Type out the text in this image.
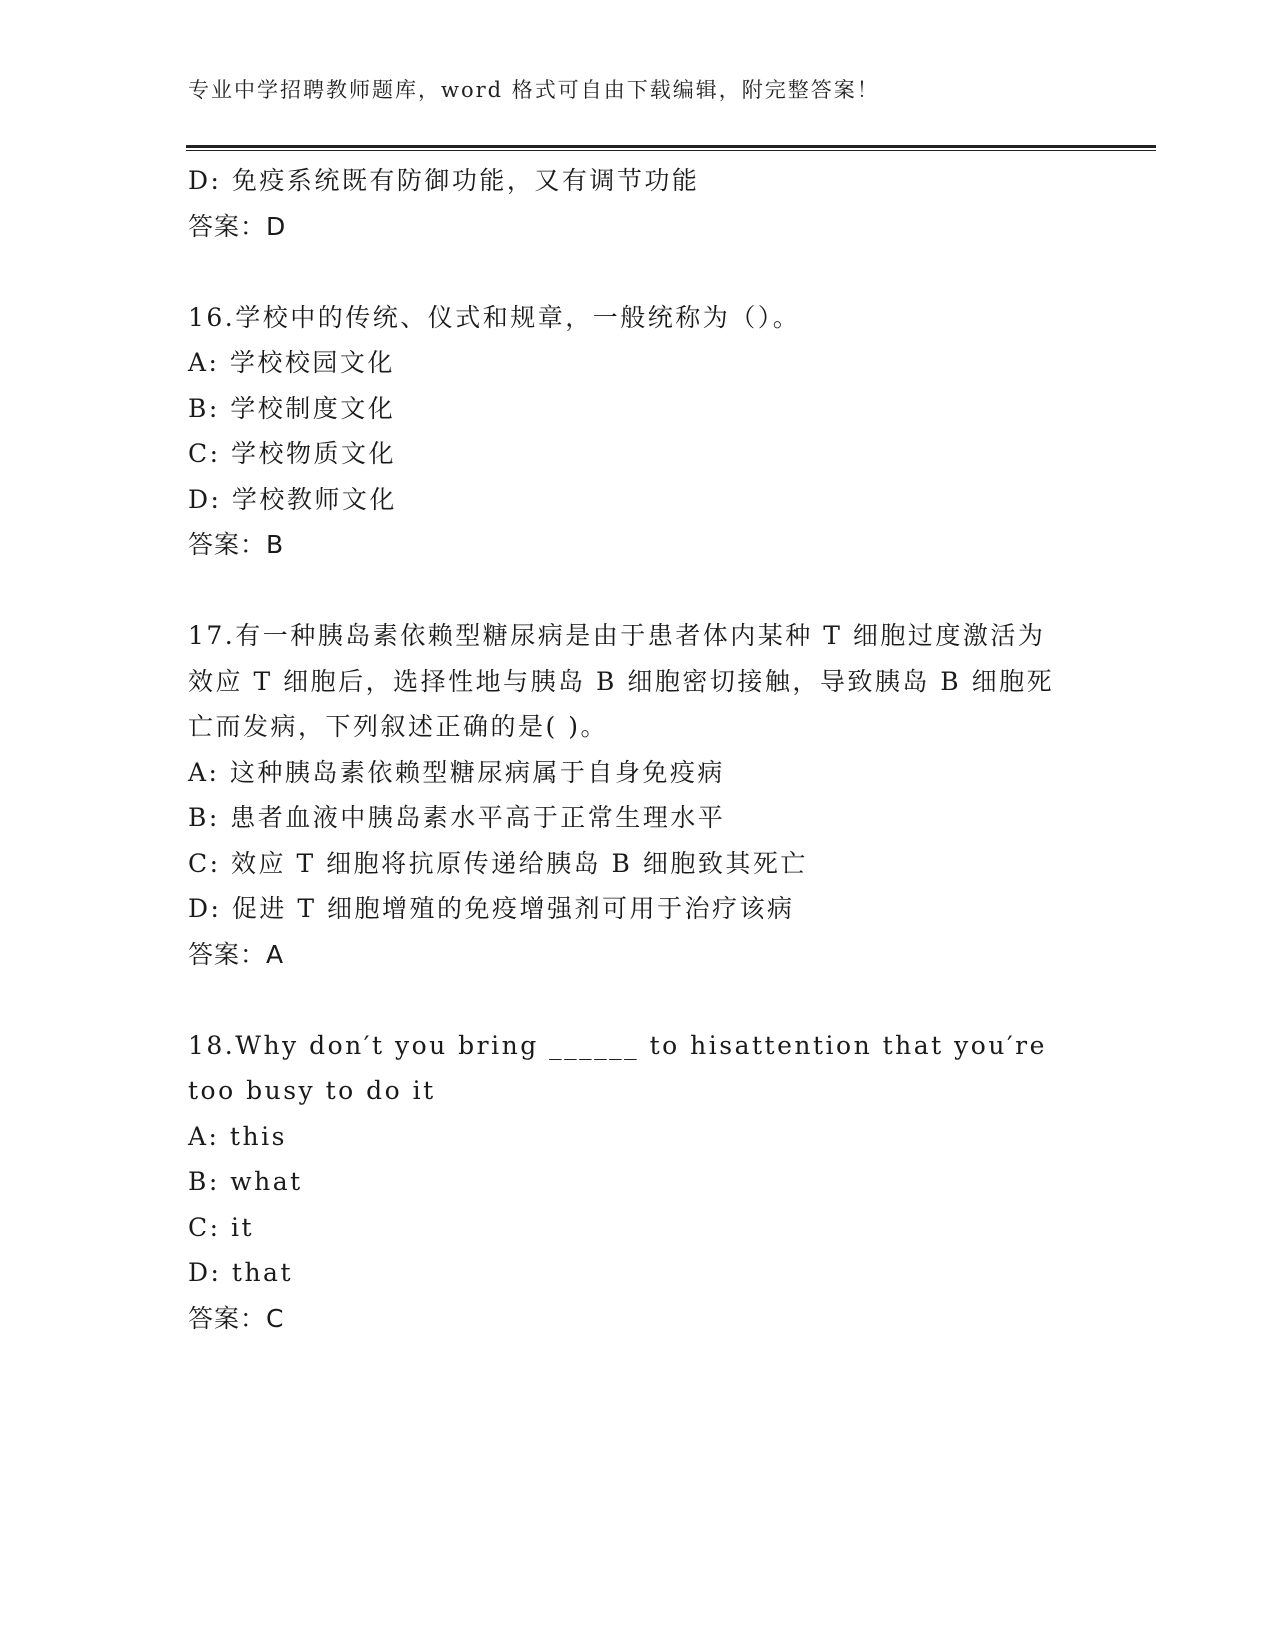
专业中学招聘教师题库，word 格式可自由下载编辑，附完整答案！
D: 免疫系统既有防御功能，又有调节功能
答案：D
16.学校中的传统、仪式和规章，一般统称为（）。
A: 学校校园文化
B: 学校制度文化
C: 学校物质文化
D: 学校教师文化
答案：B
17.有一种胰岛素依赖型糖尿病是由于患者体内某种 T 细胞过度激活为
效应 T 细胞后，选择性地与胰岛 B 细胞密切接触，导致胰岛 B 细胞死
亡而发病，下列叙述正确的是( )。
A: 这种胰岛素依赖型糖尿病属于自身免疫病
B: 患者血液中胰岛素水平高于正常生理水平
C: 效应 T 细胞将抗原传递给胰岛 B 细胞致其死亡
D: 促进 T 细胞增殖的免疫增强剂可用于治疗该病
答案：A
18.Why don′t you bring ______ to hisattention that you′re
too busy to do it
A: this
B: what
C: it
D: that
答案：C
